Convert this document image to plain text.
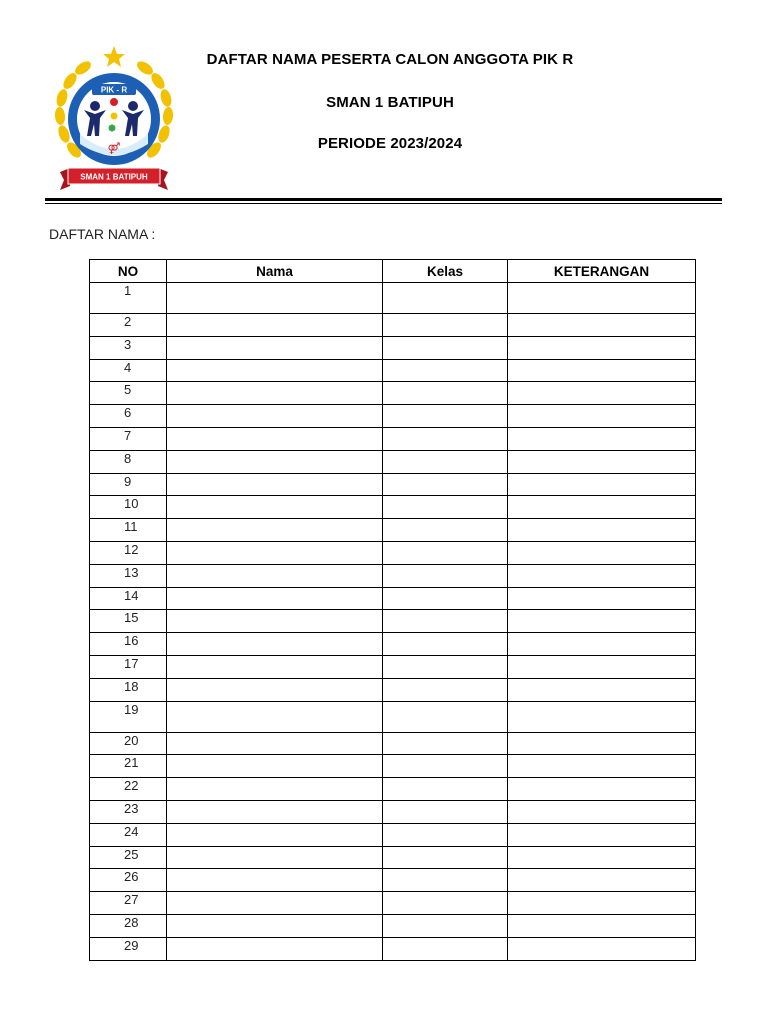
PIK - R
⚤
SMAN 1 BATIPUH
DAFTAR NAMA PESERTA CALON ANGGOTA PIK R
SMAN 1 BATIPUH
PERIODE 2023/2024
DAFTAR NAMA :
NO	Nama	Kelas	KETERANGAN
1			
2			
3			
4			
5			
6			
7			
8			
9			
10			
11			
12			
13			
14			
15			
16			
17			
18			
19			
20			
21			
22			
23			
24			
25			
26			
27			
28			
29			
